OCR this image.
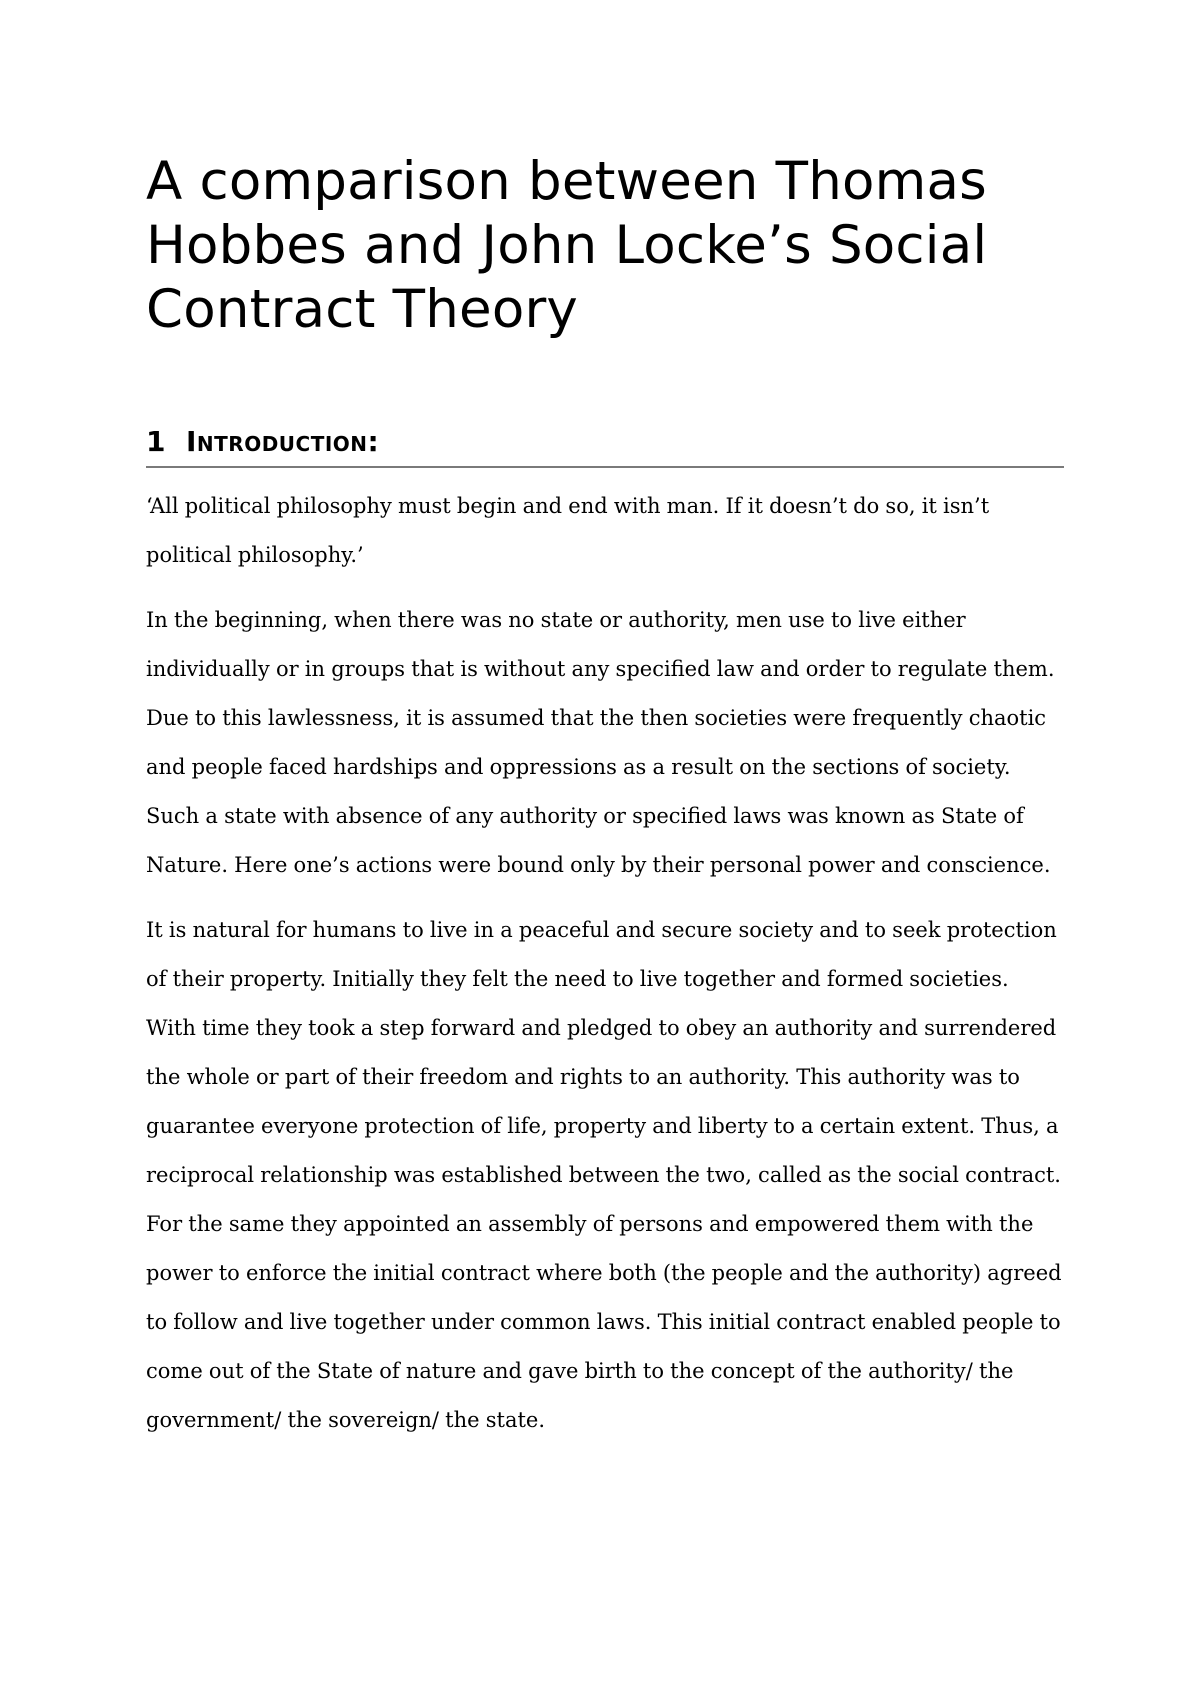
A comparison between Thomas Hobbes and John Locke’s Social Contract Theory
1 Introduction:

‘All political philosophy must begin and end with man. If it doesn’t do so, it isn’t political philosophy.’

In the beginning, when there was no state or authority, men use to live either individually or in groups that is without any specified law and order to regulate them. Due to this lawlessness, it is assumed that the then societies were frequently chaotic and people faced hardships and oppressions as a result on the sections of society. Such a state with absence of any authority or specified laws was known as State of Nature. Here one’s actions were bound only by their personal power and conscience.

It is natural for humans to live in a peaceful and secure society and to seek protection of their property. Initially they felt the need to live together and formed societies. With time they took a step forward and pledged to obey an authority and surrendered the whole or part of their freedom and rights to an authority. This authority was to guarantee everyone protection of life, property and liberty to a certain extent. Thus, a reciprocal relationship was established between the two, called as the social contract. For the same they appointed an assembly of persons and empowered them with the power to enforce the initial contract where both (the people and the authority) agreed to follow and live together under common laws. This initial contract enabled people to come out of the State of nature and gave birth to the concept of the authority/ the government/ the sovereign/ the state.
